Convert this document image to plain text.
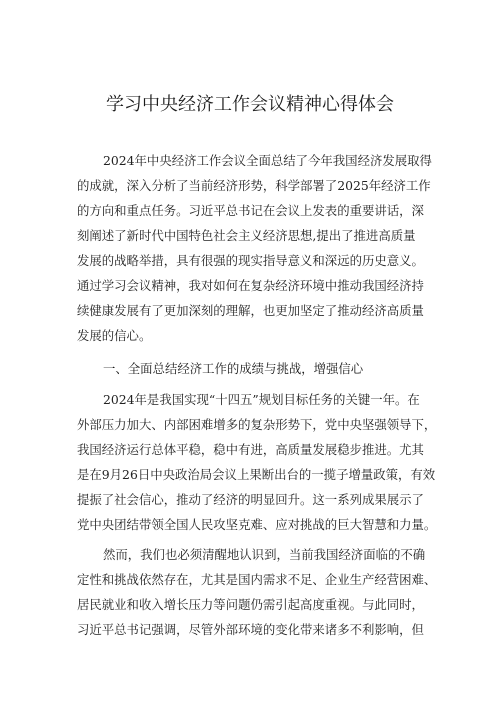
学习中央经济工作会议精神心得体会
2024年中央经济工作会议全面总结了今年我国经济发展取得
的成就，深入分析了当前经济形势，科学部署了2025年经济工作
的方向和重点任务。习近平总书记在会议上发表的重要讲话，深
刻阐述了新时代中国特色社会主义经济思想,提出了推进高质量
发展的战略举措，具有很强的现实指导意义和深远的历史意义。
通过学习会议精神，我对如何在复杂经济环境中推动我国经济持
续健康发展有了更加深刻的理解，也更加坚定了推动经济高质量
发展的信心。
一、全面总结经济工作的成绩与挑战，增强信心
2024年是我国实现“十四五”规划目标任务的关键一年。在
外部压力加大、内部困难增多的复杂形势下，党中央坚强领导下，
我国经济运行总体平稳，稳中有进，高质量发展稳步推进。尤其
是在9月26日中央政治局会议上果断出台的一揽子增量政策，有效
提振了社会信心，推动了经济的明显回升。这一系列成果展示了
党中央团结带领全国人民攻坚克难、应对挑战的巨大智慧和力量。
然而，我们也必须清醒地认识到，当前我国经济面临的不确
定性和挑战依然存在，尤其是国内需求不足、企业生产经营困难、
居民就业和收入增长压力等问题仍需引起高度重视。与此同时，
习近平总书记强调，尽管外部环境的变化带来诸多不利影响，但
